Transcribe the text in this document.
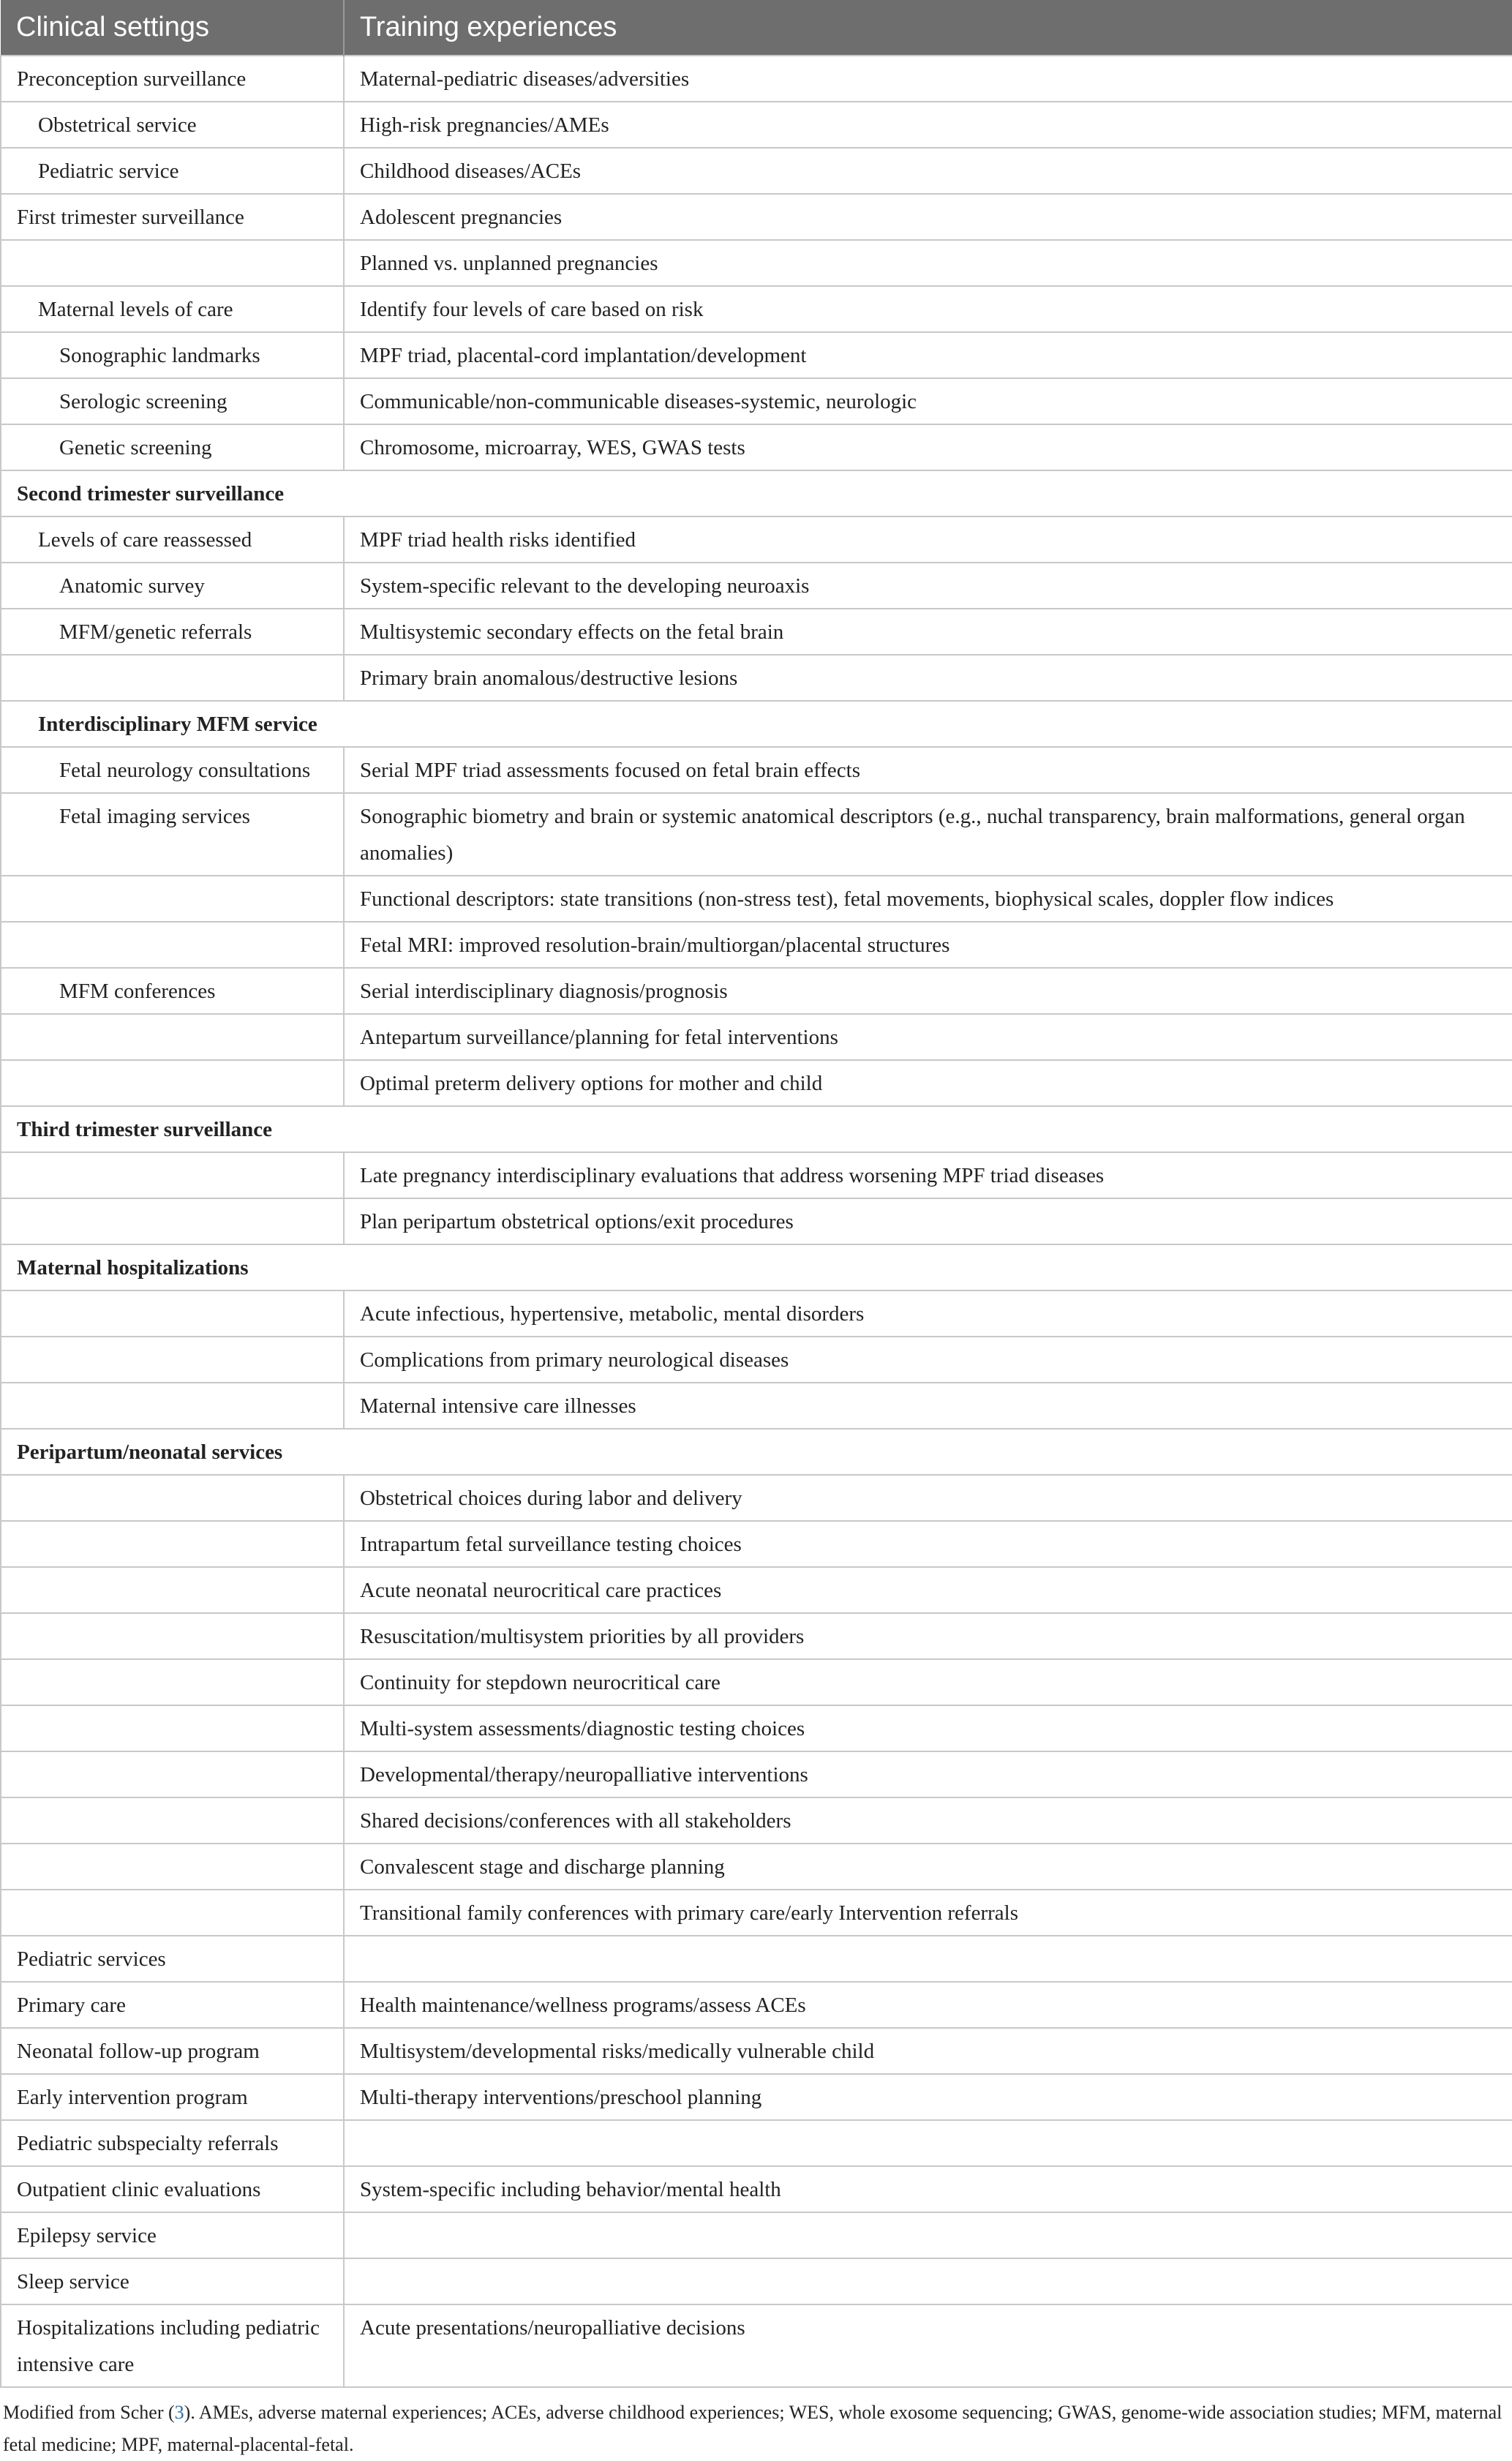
Clinical settings	Training experiences
Preconception surveillance	Maternal-pediatric diseases/adversities
Obstetrical service	High-risk pregnancies/AMEs
Pediatric service	Childhood diseases/ACEs
First trimester surveillance	Adolescent pregnancies
	Planned vs. unplanned pregnancies
Maternal levels of care	Identify four levels of care based on risk
Sonographic landmarks	MPF triad, placental-cord implantation/development
Serologic screening	Communicable/non-communicable diseases-systemic, neurologic
Genetic screening	Chromosome, microarray, WES, GWAS tests
Second trimester surveillance	
Levels of care reassessed	MPF triad health risks identified
Anatomic survey	System-specific relevant to the developing neuroaxis
MFM/genetic referrals	Multisystemic secondary effects on the fetal brain
	Primary brain anomalous/destructive lesions
Interdisciplinary MFM service	
Fetal neurology consultations	Serial MPF triad assessments focused on fetal brain effects
Fetal imaging services	Sonographic biometry and brain or systemic anatomical descriptors (e.g., nuchal transparency, brain malformations, general organ anomalies)
	Functional descriptors: state transitions (non-stress test), fetal movements, biophysical scales, doppler flow indices
	Fetal MRI: improved resolution-brain/multiorgan/placental structures
MFM conferences	Serial interdisciplinary diagnosis/prognosis
	Antepartum surveillance/planning for fetal interventions
	Optimal preterm delivery options for mother and child
Third trimester surveillance	
	Late pregnancy interdisciplinary evaluations that address worsening MPF triad diseases
	Plan peripartum obstetrical options/exit procedures
Maternal hospitalizations	
	Acute infectious, hypertensive, metabolic, mental disorders
	Complications from primary neurological diseases
	Maternal intensive care illnesses
Peripartum/neonatal services	
	Obstetrical choices during labor and delivery
	Intrapartum fetal surveillance testing choices
	Acute neonatal neurocritical care practices
	Resuscitation/multisystem priorities by all providers
	Continuity for stepdown neurocritical care
	Multi-system assessments/diagnostic testing choices
	Developmental/therapy/neuropalliative interventions
	Shared decisions/conferences with all stakeholders
	Convalescent stage and discharge planning
	Transitional family conferences with primary care/early Intervention referrals
Pediatric services	
Primary care	Health maintenance/wellness programs/assess ACEs
Neonatal follow-up program	Multisystem/developmental risks/medically vulnerable child
Early intervention program	Multi-therapy interventions/preschool planning
Pediatric subspecialty referrals	
Outpatient clinic evaluations	System-specific including behavior/mental health
Epilepsy service	
Sleep service	
Hospitalizations including pediatric intensive care	Acute presentations/neuropalliative decisions
Modified from Scher (3). AMEs, adverse maternal experiences; ACEs, adverse childhood experiences; WES, whole exosome sequencing; GWAS, genome-wide association studies; MFM, maternal fetal medicine; MPF, maternal-placental-fetal.
